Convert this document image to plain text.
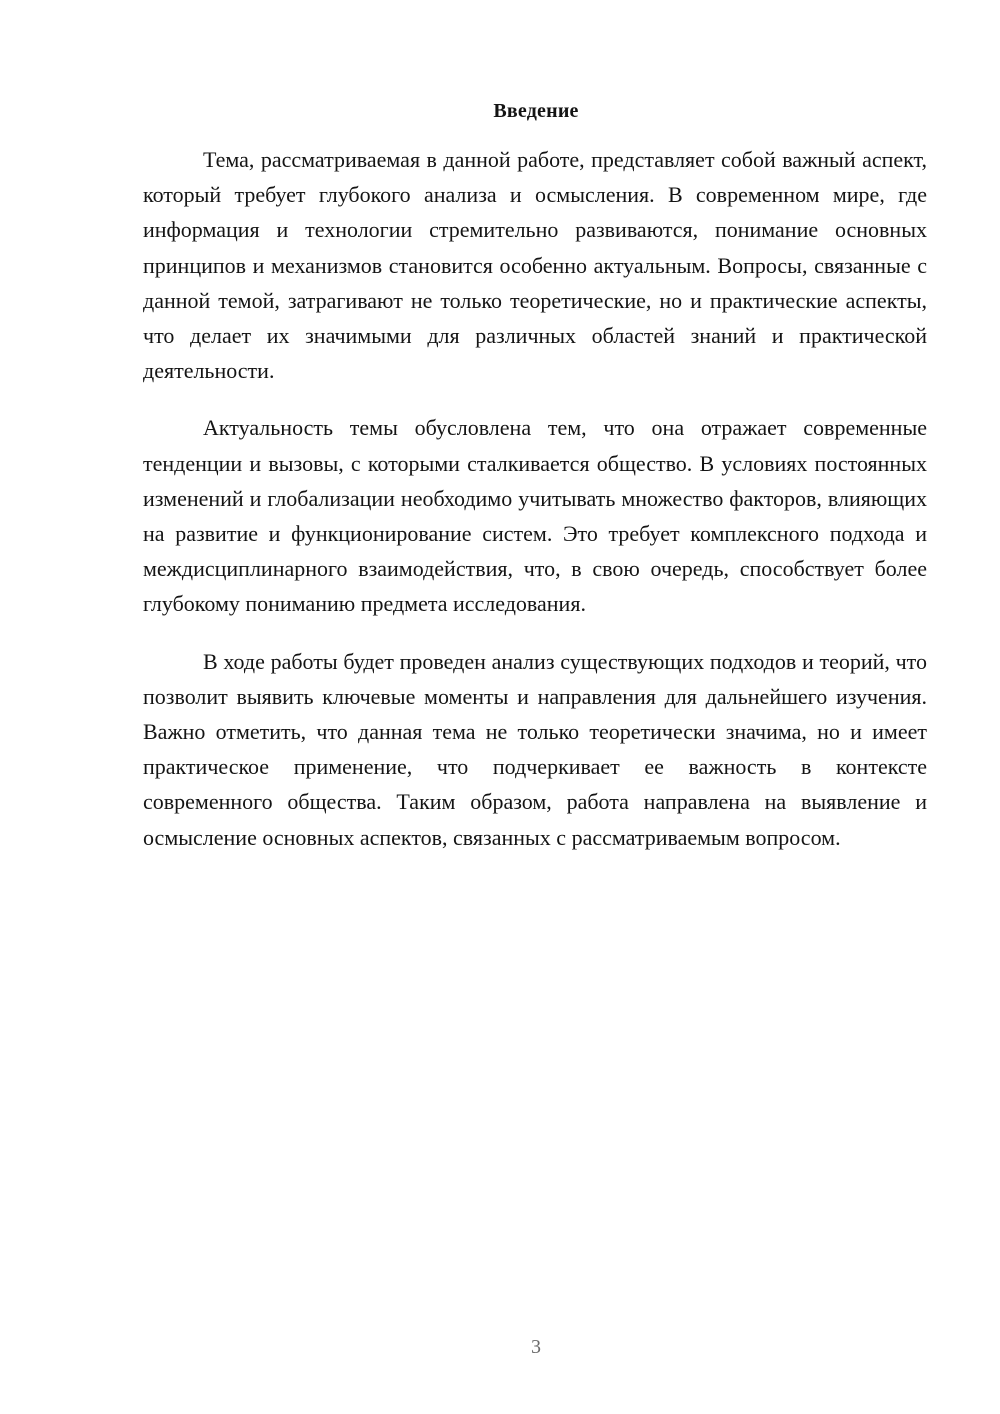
Введение

Тема, рассматриваемая в данной работе, представляет собой важный аспект, который требует глубокого анализа и осмысления. В современном мире, где информация и технологии стремительно развиваются, понимание основных принципов и механизмов становится особенно актуальным. Вопросы, связанные с данной темой, затрагивают не только теоретические, но и практические аспекты, что делает их значимыми для различных областей знаний и практической деятельности.

Актуальность темы обусловлена тем, что она отражает современные тенденции и вызовы, с которыми сталкивается общество. В условиях постоянных изменений и глобализации необходимо учитывать множество факторов, влияющих на развитие и функционирование систем. Это требует комплексного подхода и междисциплинарного взаимодействия, что, в свою очередь, способствует более глубокому пониманию предмета исследования.

В ходе работы будет проведен анализ существующих подходов и теорий, что позволит выявить ключевые моменты и направления для дальнейшего изучения. Важно отметить, что данная тема не только теоретически значима, но и имеет практическое применение, что подчеркивает ее важность в контексте современного общества. Таким образом, работа направлена на выявление и осмысление основных аспектов, связанных с рассматриваемым вопросом.

3
